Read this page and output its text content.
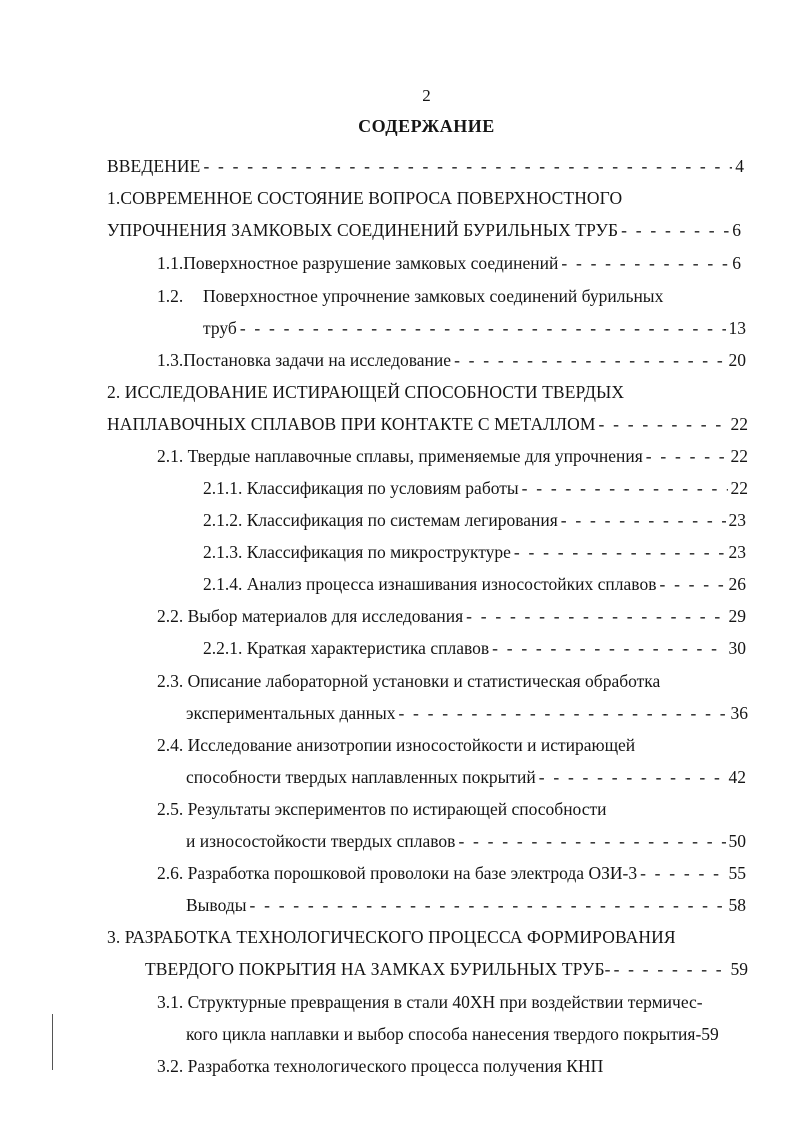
2
СОДЕРЖАНИЕ
ВВЕДЕНИЕ - - -	4
1.СОВРЕМЕННОЕ СОСТОЯНИЕ ВОПРОСА ПОВЕРХНОСТНОГО
УПРОЧНЕНИЯ ЗАМКОВЫХ СОЕДИНЕНИЙ БУРИЛЬНЫХ ТРУБ - - -	6
1.1. Поверхностное разрушение замковых соединений - - -	6
1.2. Поверхностное упрочнение замковых соединений бурильных
труб - - -	13
1.3. Постановка задачи на исследование - - -	20
2. ИССЛЕДОВАНИЕ ИСТИРАЮЩЕЙ СПОСОБНОСТИ ТВЕРДЫХ
НАПЛАВОЧНЫХ СПЛАВОВ ПРИ КОНТАКТЕ С МЕТАЛЛОМ - - -	22
2.1. Твердые наплавочные сплавы, применяемые для упрочнения - - -	22
2.1.1. Классификация по условиям работы - - -	22
2.1.2. Классификация по системам легирования - - -	23
2.1.3. Классификация по микроструктуре - - -	23
2.1.4. Анализ процесса изнашивания износостойких сплавов - - -	26
2.2. Выбор материалов для исследования - - -	29
2.2.1. Краткая характеристика сплавов - - -	30
2.3. Описание лабораторной установки и статистическая обработка
экспериментальных данных - - -	36
2.4. Исследование анизотропии износостойкости и истирающей
способности твердых наплавленных покрытий - - -	42
2.5. Результаты экспериментов по истирающей способности
и износостойкости твердых сплавов - - -	50
2.6. Разработка порошковой проволоки на базе электрода ОЗИ-3 - - -	55
Выводы - - -	58
3. РАЗРАБОТКА ТЕХНОЛОГИЧЕСКОГО ПРОЦЕССА ФОРМИРОВАНИЯ
ТВЕРДОГО ПОКРЫТИЯ НА ЗАМКАХ БУРИЛЬНЫХ ТРУБ- - - -	59
3.1. Структурные превращения в стали 40ХН при воздействии термичес-
кого цикла наплавки и выбор способа нанесения твердого покрытия-59
3.2. Разработка технологического процесса получения КНП
